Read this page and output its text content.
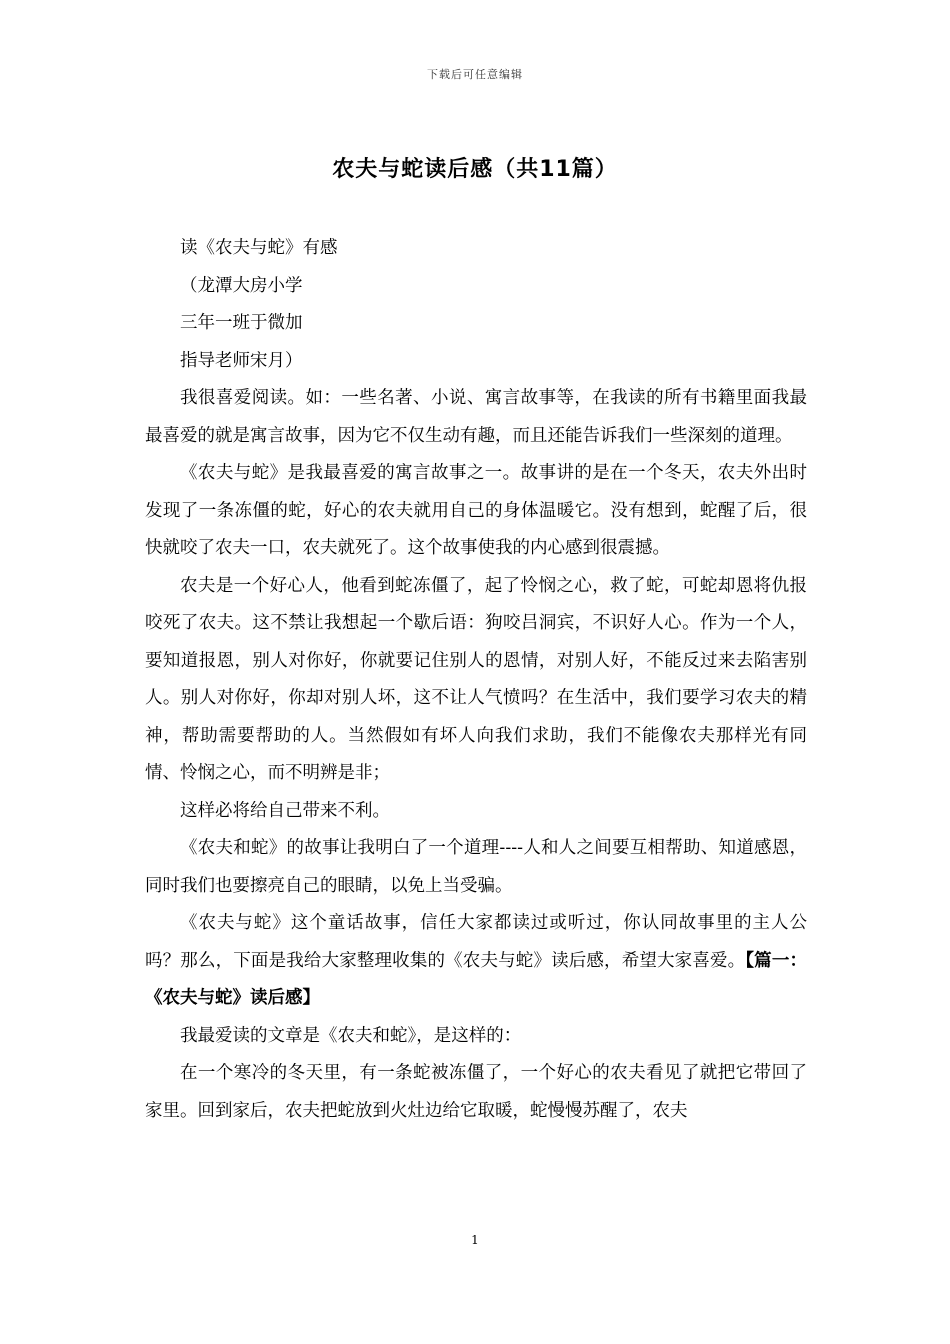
下载后可任意编辑
农夫与蛇读后感（共11篇）

读《农夫与蛇》有感

（龙潭大房小学

三年一班于微加

指导老师宋月）

我很喜爱阅读。如：一些名著、小说、寓言故事等，在我读的所有书籍里面我最最喜爱的就是寓言故事，因为它不仅生动有趣，而且还能告诉我们一些深刻的道理。

《农夫与蛇》是我最喜爱的寓言故事之一。故事讲的是在一个冬天，农夫外出时发现了一条冻僵的蛇，好心的农夫就用自己的身体温暖它。没有想到，蛇醒了后，很快就咬了农夫一口，农夫就死了。这个故事使我的内心感到很震撼。

农夫是一个好心人，他看到蛇冻僵了，起了怜悯之心，救了蛇，可蛇却恩将仇报咬死了农夫。这不禁让我想起一个歇后语：狗咬吕洞宾，不识好人心。作为一个人，要知道报恩，别人对你好，你就要记住别人的恩情，对别人好，不能反过来去陷害别人。别人对你好，你却对别人坏，这不让人气愤吗？在生活中，我们要学习农夫的精神，帮助需要帮助的人。当然假如有坏人向我们求助，我们不能像农夫那样光有同情、怜悯之心，而不明辨是非；

这样必将给自己带来不利。

《农夫和蛇》的故事让我明白了一个道理----人和人之间要互相帮助、知道感恩，同时我们也要擦亮自己的眼睛，以免上当受骗。

《农夫与蛇》这个童话故事，信任大家都读过或听过，你认同故事里的主人公吗？那么，下面是我给大家整理收集的《农夫与蛇》读后感，希望大家喜爱。【篇一：《农夫与蛇》读后感】

我最爱读的文章是《农夫和蛇》，是这样的：

在一个寒冷的冬天里，有一条蛇被冻僵了，一个好心的农夫看见了就把它带回了家里。回到家后，农夫把蛇放到火灶边给它取暖，蛇慢慢苏醒了，农夫

1
